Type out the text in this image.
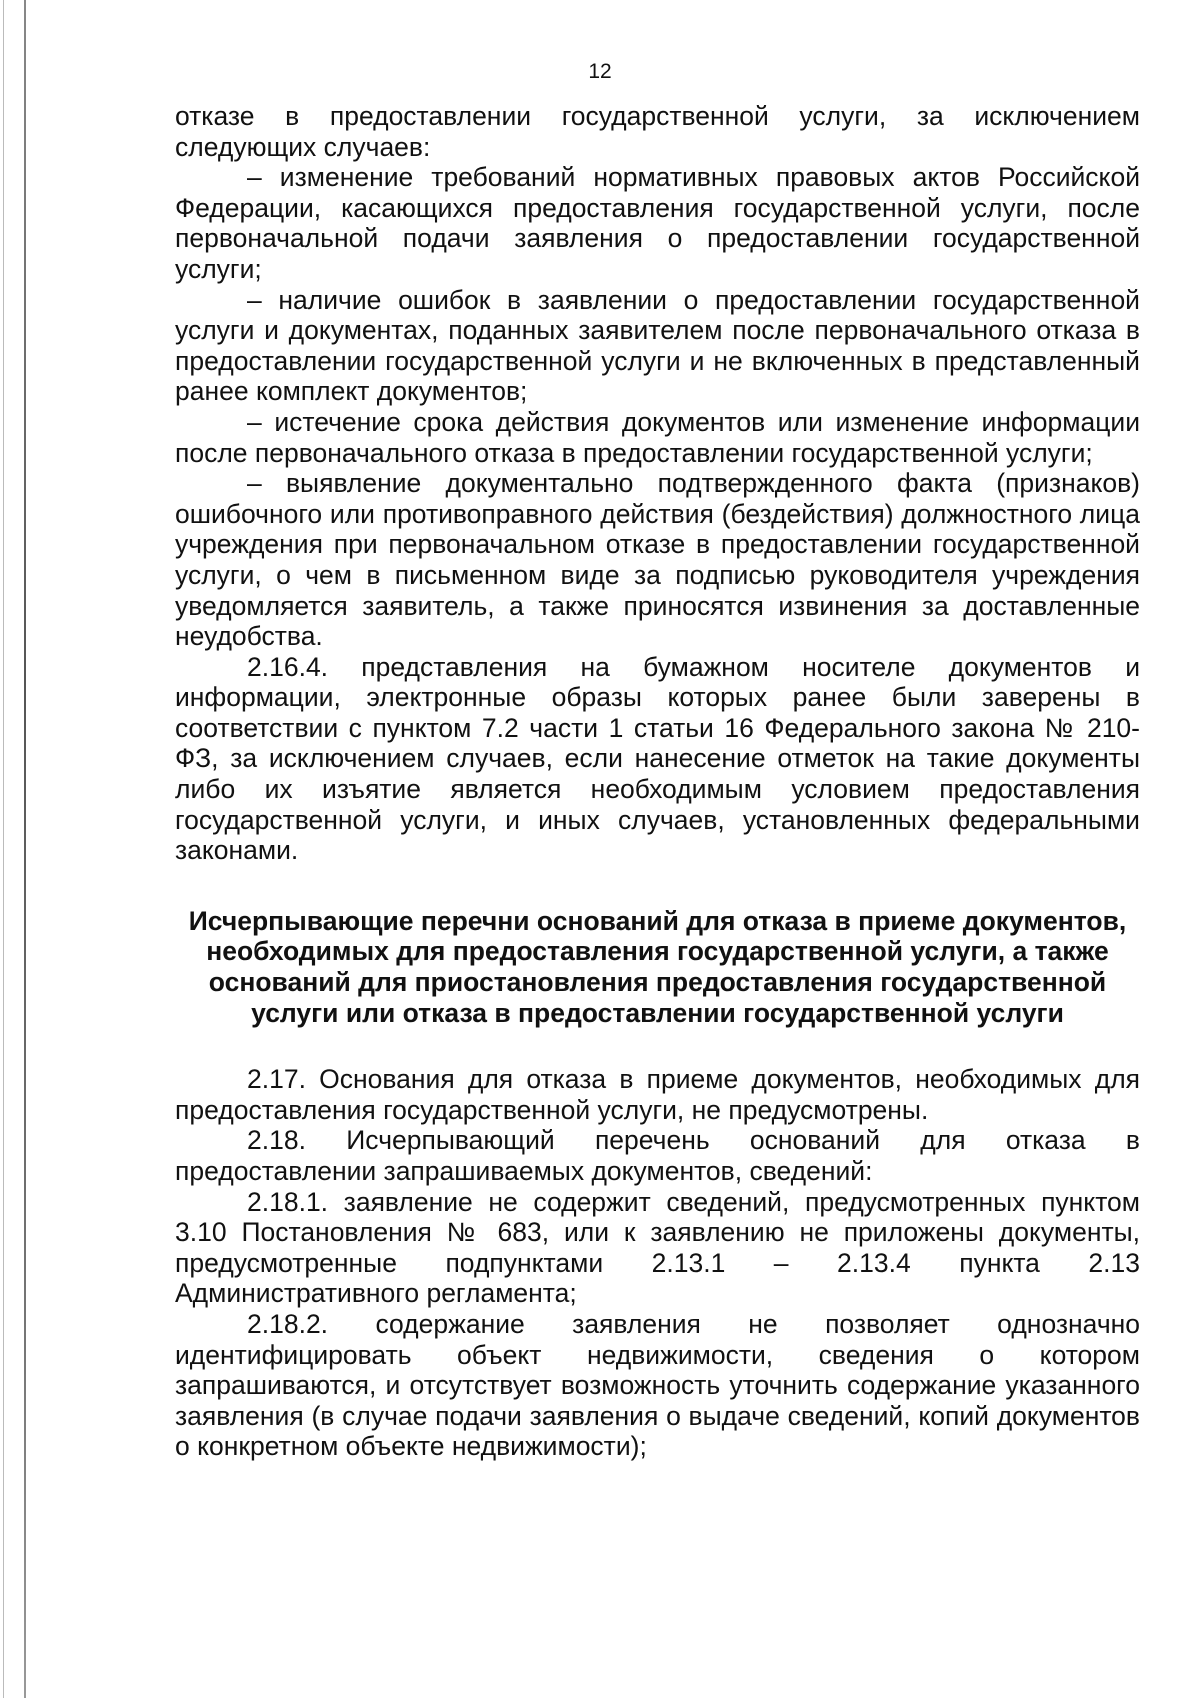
12

отказе в предоставлении государственной услуги, за исключением следующих случаев:

– изменение требований нормативных правовых актов Российской Федерации, касающихся предоставления государственной услуги, после первоначальной подачи заявления о предоставлении государственной услуги;

– наличие ошибок в заявлении о предоставлении государственной услуги и документах, поданных заявителем после первоначального отказа в предоставлении государственной услуги и не включенных в представленный ранее комплект документов;

– истечение срока действия документов или изменение информации после первоначального отказа в предоставлении государственной услуги;

– выявление документально подтвержденного факта (признаков) ошибочного или противоправного действия (бездействия) должностного лица учреждения при первоначальном отказе в предоставлении государственной услуги, о чем в письменном виде за подписью руководителя учреждения уведомляется заявитель, а также приносятся извинения за доставленные неудобства.

2.16.4. представления на бумажном носителе документов и информации, электронные образы которых ранее были заверены в соответствии с пунктом 7.2 части 1 статьи 16 Федерального закона № 210-ФЗ, за исключением случаев, если нанесение отметок на такие документы либо их изъятие является необходимым условием предоставления государственной услуги, и иных случаев, установленных федеральными законами.

Исчерпывающие перечни оснований для отказа в приеме документов, необходимых для предоставления государственной услуги, а также оснований для приостановления предоставления государственной услуги или отказа в предоставлении государственной услуги

2.17. Основания для отказа в приеме документов, необходимых для предоставления государственной услуги, не предусмотрены.

2.18. Исчерпывающий перечень оснований для отказа в предоставлении запрашиваемых документов, сведений:

2.18.1. заявление не содержит сведений, предусмотренных пунктом 3.10 Постановления № 683, или к заявлению не приложены документы, предусмотренные подпунктами 2.13.1 – 2.13.4 пункта 2.13 Административного регламента;

2.18.2. содержание заявления не позволяет однозначно идентифицировать объект недвижимости, сведения о котором запрашиваются, и отсутствует возможность уточнить содержание указанного заявления (в случае подачи заявления о выдаче сведений, копий документов о конкретном объекте недвижимости);
